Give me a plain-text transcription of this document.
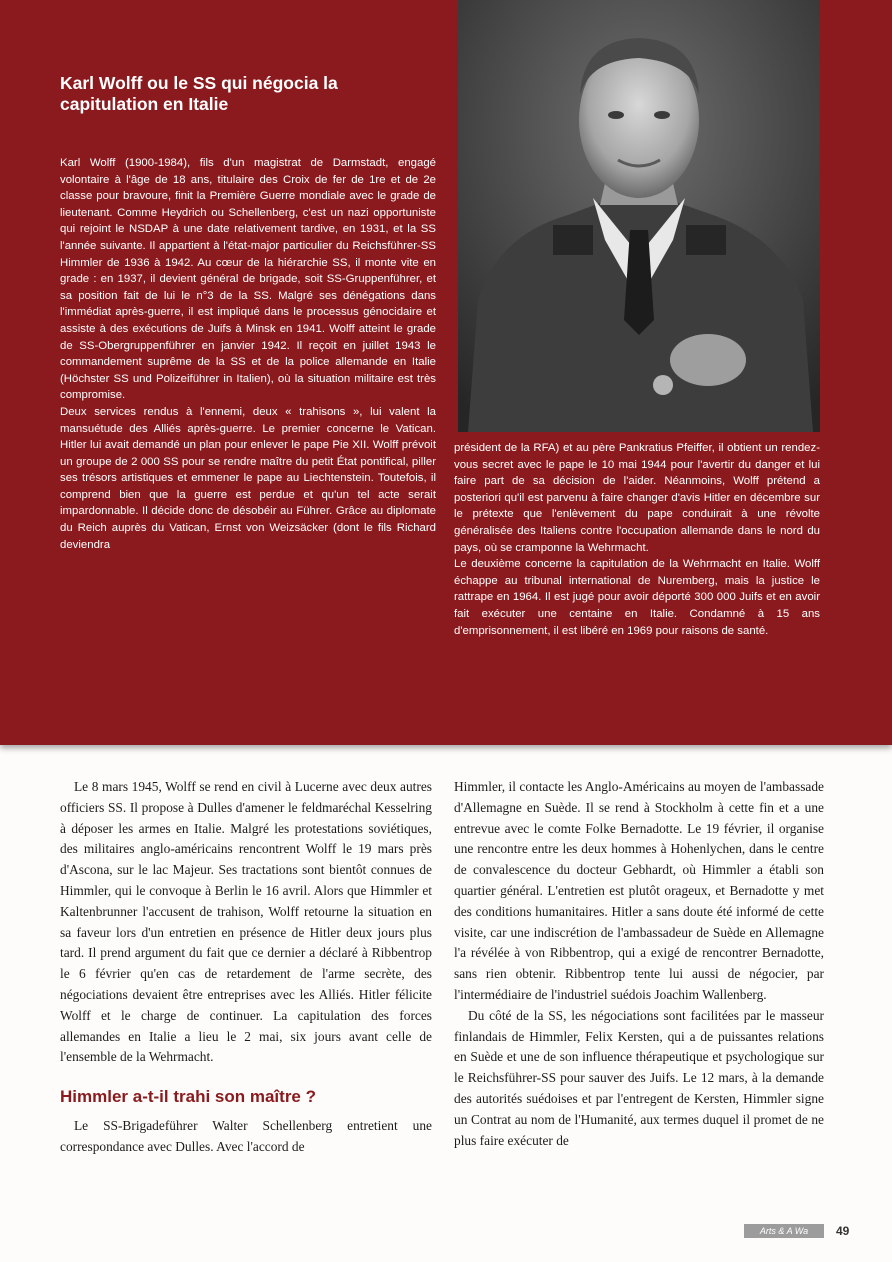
Karl Wolff ou le SS qui négocia la capitulation en Italie

Karl Wolff (1900-1984), fils d'un magistrat de Darmstadt, engagé volontaire à l'âge de 18 ans, titulaire des Croix de fer de 1re et de 2e classe pour bravoure, finit la Première Guerre mondiale avec le grade de lieutenant. Comme Heydrich ou Schellenberg, c'est un nazi opportuniste qui rejoint le NSDAP à une date relativement tardive, en 1931, et la SS l'année suivante. Il appartient à l'état-major particulier du Reichsführer-SS Himmler de 1936 à 1942. Au cœur de la hiérarchie SS, il monte vite en grade : en 1937, il devient général de brigade, soit SS-Gruppenführer, et sa position fait de lui le n°3 de la SS. Malgré ses dénégations dans l'immédiat après-guerre, il est impliqué dans le processus génocidaire et assiste à des exécutions de Juifs à Minsk en 1941. Wolff atteint le grade de SS-Obergruppenführer en janvier 1942. Il reçoit en juillet 1943 le commandement suprême de la SS et de la police allemande en Italie (Höchster SS und Polizeiführer in Italien), où la situation militaire est très compromise.

Deux services rendus à l'ennemi, deux « trahisons », lui valent la mansuétude des Alliés après-guerre. Le premier concerne le Vatican. Hitler lui avait demandé un plan pour enlever le pape Pie XII. Wolff prévoit un groupe de 2 000 SS pour se rendre maître du petit État pontifical, piller ses trésors artistiques et emmener le pape au Liechtenstein. Toutefois, il comprend bien que la guerre est perdue et qu'un tel acte serait impardonnable. Il décide donc de désobéir au Führer. Grâce au diplomate du Reich auprès du Vatican, Ernst von Weizsäcker (dont le fils Richard deviendra

président de la RFA) et au père Pankratius Pfeiffer, il obtient un rendez-vous secret avec le pape le 10 mai 1944 pour l'avertir du danger et lui faire part de sa décision de l'aider. Néanmoins, Wolff prétend a posteriori qu'il est parvenu à faire changer d'avis Hitler en décembre sur le prétexte que l'enlèvement du pape conduirait à une révolte généralisée des Italiens contre l'occupation allemande dans le nord du pays, où se cramponne la Wehrmacht.

Le deuxième concerne la capitulation de la Wehrmacht en Italie. Wolff échappe au tribunal international de Nuremberg, mais la justice le rattrape en 1964. Il est jugé pour avoir déporté 300 000 Juifs et en avoir fait exécuter une centaine en Italie. Condamné à 15 ans d'emprisonnement, il est libéré en 1969 pour raisons de santé.

Le 8 mars 1945, Wolff se rend en civil à Lucerne avec deux autres officiers SS. Il propose à Dulles d'amener le feldmaréchal Kesselring à déposer les armes en Italie. Malgré les protestations soviétiques, des militaires anglo-américains rencontrent Wolff le 19 mars près d'Ascona, sur le lac Majeur. Ses tractations sont bientôt connues de Himmler, qui le convoque à Berlin le 16 avril. Alors que Himmler et Kaltenbrunner l'accusent de trahison, Wolff retourne la situation en sa faveur lors d'un entretien en présence de Hitler deux jours plus tard. Il prend argument du fait que ce dernier a déclaré à Ribbentrop le 6 février qu'en cas de retardement de l'arme secrète, des négociations devaient être entreprises avec les Alliés. Hitler félicite Wolff et le charge de continuer. La capitulation des forces allemandes en Italie a lieu le 2 mai, six jours avant celle de l'ensemble de la Wehrmacht.

Himmler a-t-il trahi son maître ?

Le SS-Brigadeführer Walter Schellenberg entretient une correspondance avec Dulles. Avec l'accord de

Himmler, il contacte les Anglo-Américains au moyen de l'ambassade d'Allemagne en Suède. Il se rend à Stockholm à cette fin et a une entrevue avec le comte Folke Bernadotte. Le 19 février, il organise une rencontre entre les deux hommes à Hohenlychen, dans le centre de convalescence du docteur Gebhardt, où Himmler a établi son quartier général. L'entretien est plutôt orageux, et Bernadotte y met des conditions humanitaires. Hitler a sans doute été informé de cette visite, car une indiscrétion de l'ambassadeur de Suède en Allemagne l'a révélée à von Ribbentrop, qui a exigé de rencontrer Bernadotte, sans rien obtenir. Ribbentrop tente lui aussi de négocier, par l'intermédiaire de l'industriel suédois Joachim Wallenberg.

Du côté de la SS, les négociations sont facilitées par le masseur finlandais de Himmler, Felix Kersten, qui a de puissantes relations en Suède et une de son influence thérapeutique et psychologique sur le Reichsführer-SS pour sauver des Juifs. Le 12 mars, à la demande des autorités suédoises et par l'entregent de Kersten, Himmler signe un Contrat au nom de l'Humanité, aux termes duquel il promet de ne plus faire exécuter de

Arts & A Wa	49
